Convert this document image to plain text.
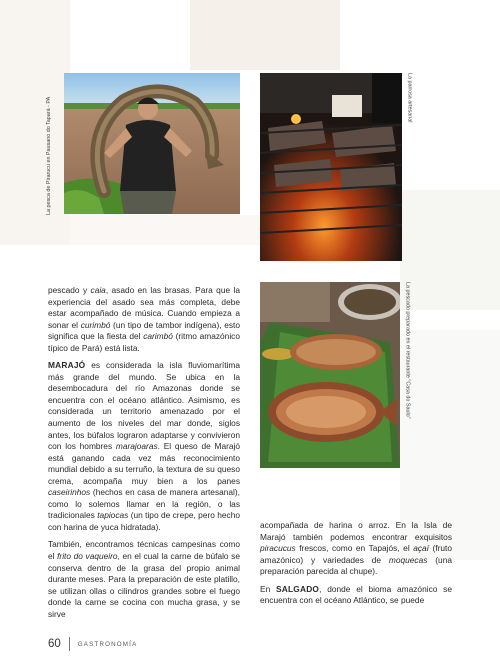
La pesca de Pirarucu en Pausano do Tapará - PA	La parrosa artesanal
La pescado preparado en el restaurante "Casa do Saulo"

pescado y caia, asado en las brasas. Para que la experiencia del asado sea más completa, debe estar acompañado de música. Cuando empieza a sonar el curimbó (un tipo de tambor indígena), esto significa que la fiesta del carimbó (ritmo amazónico típico de Pará) está lista.

MARAJÓ es considerada la isla fluviomarítima más grande del mundo. Se ubica en la desembocadura del río Amazonas donde se encuentra con el océano atlántico. Asimismo, es considerada un territorio amenazado por el aumento de los niveles del mar donde, siglos antes, los búfalos lograron adaptarse y convivieron con los hombres marajoaras. El queso de Marajó está ganando cada vez más reconocimiento mundial debido a su terruño, la textura de su queso crema, acompaña muy bien a los panes caseirinhos (hechos en casa de manera artesanal), como lo solemos llamar en la región, o las tradicionales tapiocas (un tipo de crepe, pero hecho con harina de yuca hidratada).

También, encontramos técnicas campesinas como el frito do vaqueiro, en el cual la carne de búfalo se conserva dentro de la grasa del propio animal durante meses. Para la preparación de este platillo, se utilizan ollas o cilindros grandes sobre el fuego donde la carne se cocina con mucha grasa, y se sirve

acompañada de harina o arroz. En la Isla de Marajó también podemos encontrar exquisitos piracucus frescos, como en Tapajós, el açaí (fruto amazónico) y variedades de moquecas (una preparación parecida al chupe).

En SALGADO, donde el bioma amazónico se encuentra con el océano Atlántico, se puede

60	GASTRONOMÍA
